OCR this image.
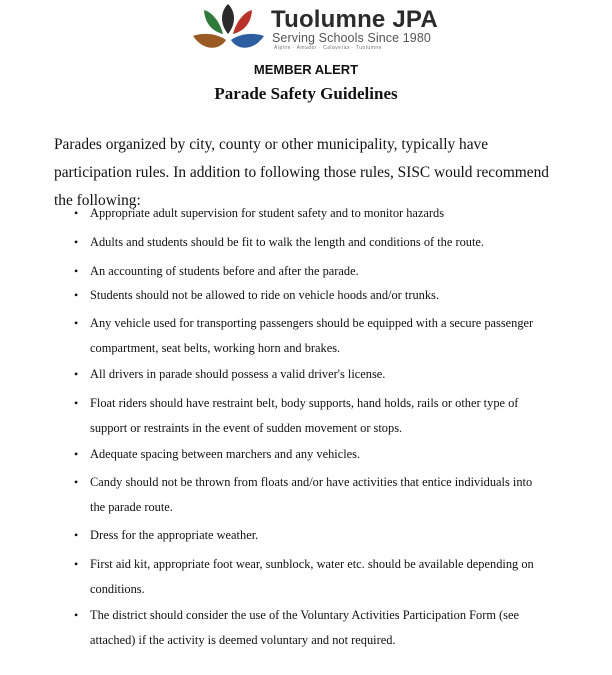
Tuolumne JPA
Serving Schools Since 1980
Alpine · Amador · Calaveras · Tuolumne
MEMBER ALERT
Parade Safety Guidelines

Parades organized by city, county or other municipality, typically have participation rules. In addition to following those rules, SISC would recommend the following:

• Appropriate adult supervision for student safety and to monitor hazards
• Adults and students should be fit to walk the length and conditions of the route.
• An accounting of students before and after the parade.
• Students should not be allowed to ride on vehicle hoods and/or trunks.
• Any vehicle used for transporting passengers should be equipped with a secure passenger compartment, seat belts, working horn and brakes.
• All drivers in parade should possess a valid driver's license.
• Float riders should have restraint belt, body supports, hand holds, rails or other type of support or restraints in the event of sudden movement or stops.
• Adequate spacing between marchers and any vehicles.
• Candy should not be thrown from floats and/or have activities that entice individuals into the parade route.
• Dress for the appropriate weather.
• First aid kit, appropriate foot wear, sunblock, water etc. should be available depending on conditions.
• The district should consider the use of the Voluntary Activities Participation Form (see attached) if the activity is deemed voluntary and not required.
